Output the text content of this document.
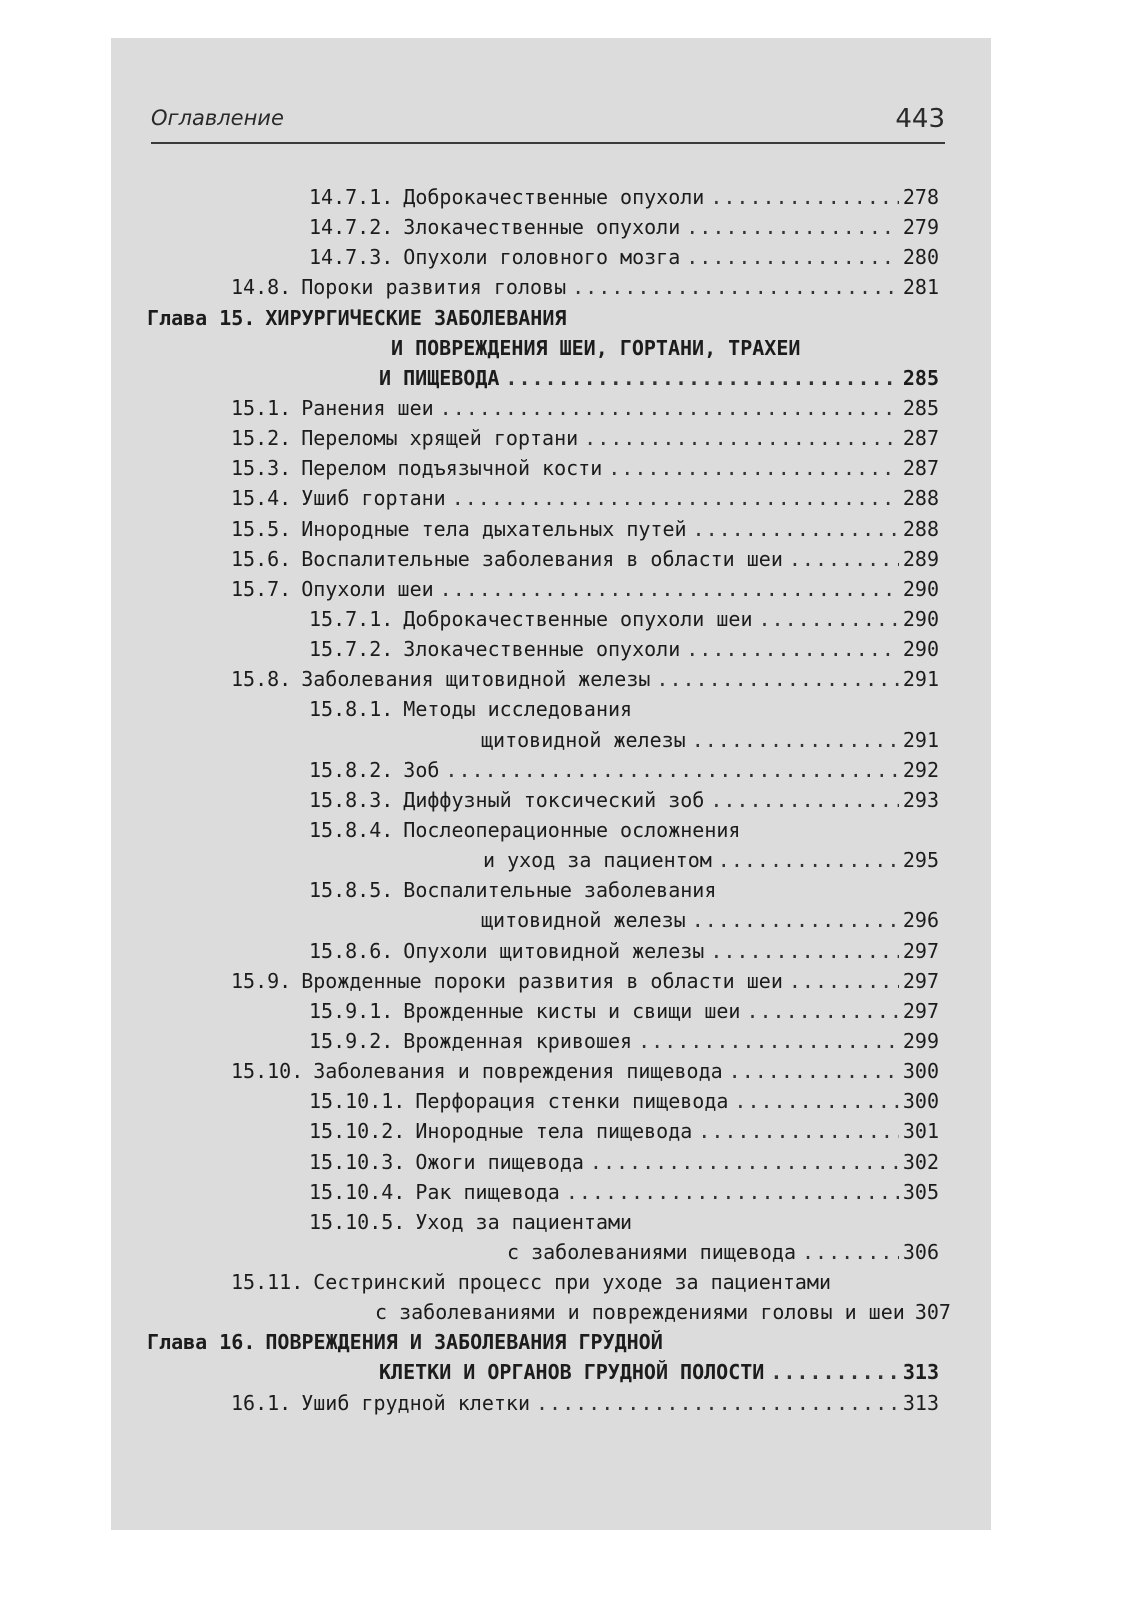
Оглавление	443
14.7.1. Доброкачественные опухоли .....	278
14.7.2. Злокачественные опухоли .....	279
14.7.3. Опухоли головного мозга .....	280
14.8. Пороки развития головы .....	281
Глава 15. ХИРУРГИЧЕСКИЕ ЗАБОЛЕВАНИЯ
И ПОВРЕЖДЕНИЯ ШЕИ, ГОРТАНИ, ТРАХЕИ
И ПИЩЕВОДА .....	285
15.1. Ранения шеи .....	285
15.2. Переломы хрящей гортани .....	287
15.3. Перелом подъязычной кости .....	287
15.4. Ушиб гортани .....	288
15.5. Инородные тела дыхательных путей .....	288
15.6. Воспалительные заболевания в области шеи .....	289
15.7. Опухоли шеи .....	290
15.7.1. Доброкачественные опухоли шеи .....	290
15.7.2. Злокачественные опухоли .....	290
15.8. Заболевания щитовидной железы .....	291
15.8.1. Методы исследования
щитовидной железы .....	291
15.8.2. Зоб .....	292
15.8.3. Диффузный токсический зоб .....	293
15.8.4. Послеоперационные осложнения
и уход за пациентом .....	295
15.8.5. Воспалительные заболевания
щитовидной железы .....	296
15.8.6. Опухоли щитовидной железы .....	297
15.9. Врожденные пороки развития в области шеи .....	297
15.9.1. Врожденные кисты и свищи шеи .....	297
15.9.2. Врожденная кривошея .....	299
15.10. Заболевания и повреждения пищевода .....	300
15.10.1. Перфорация стенки пищевода .....	300
15.10.2. Инородные тела пищевода .....	301
15.10.3. Ожоги пищевода .....	302
15.10.4. Рак пищевода .....	305
15.10.5. Уход за пациентами
с заболеваниями пищевода .....	306
15.11. Сестринский процесс при уходе за пациентами
с заболеваниями и повреждениями головы и шеи 307
Глава 16. ПОВРЕЖДЕНИЯ И ЗАБОЛЕВАНИЯ ГРУДНОЙ
КЛЕТКИ И ОРГАНОВ ГРУДНОЙ ПОЛОСТИ .....	313
16.1. Ушиб грудной клетки .....	313
